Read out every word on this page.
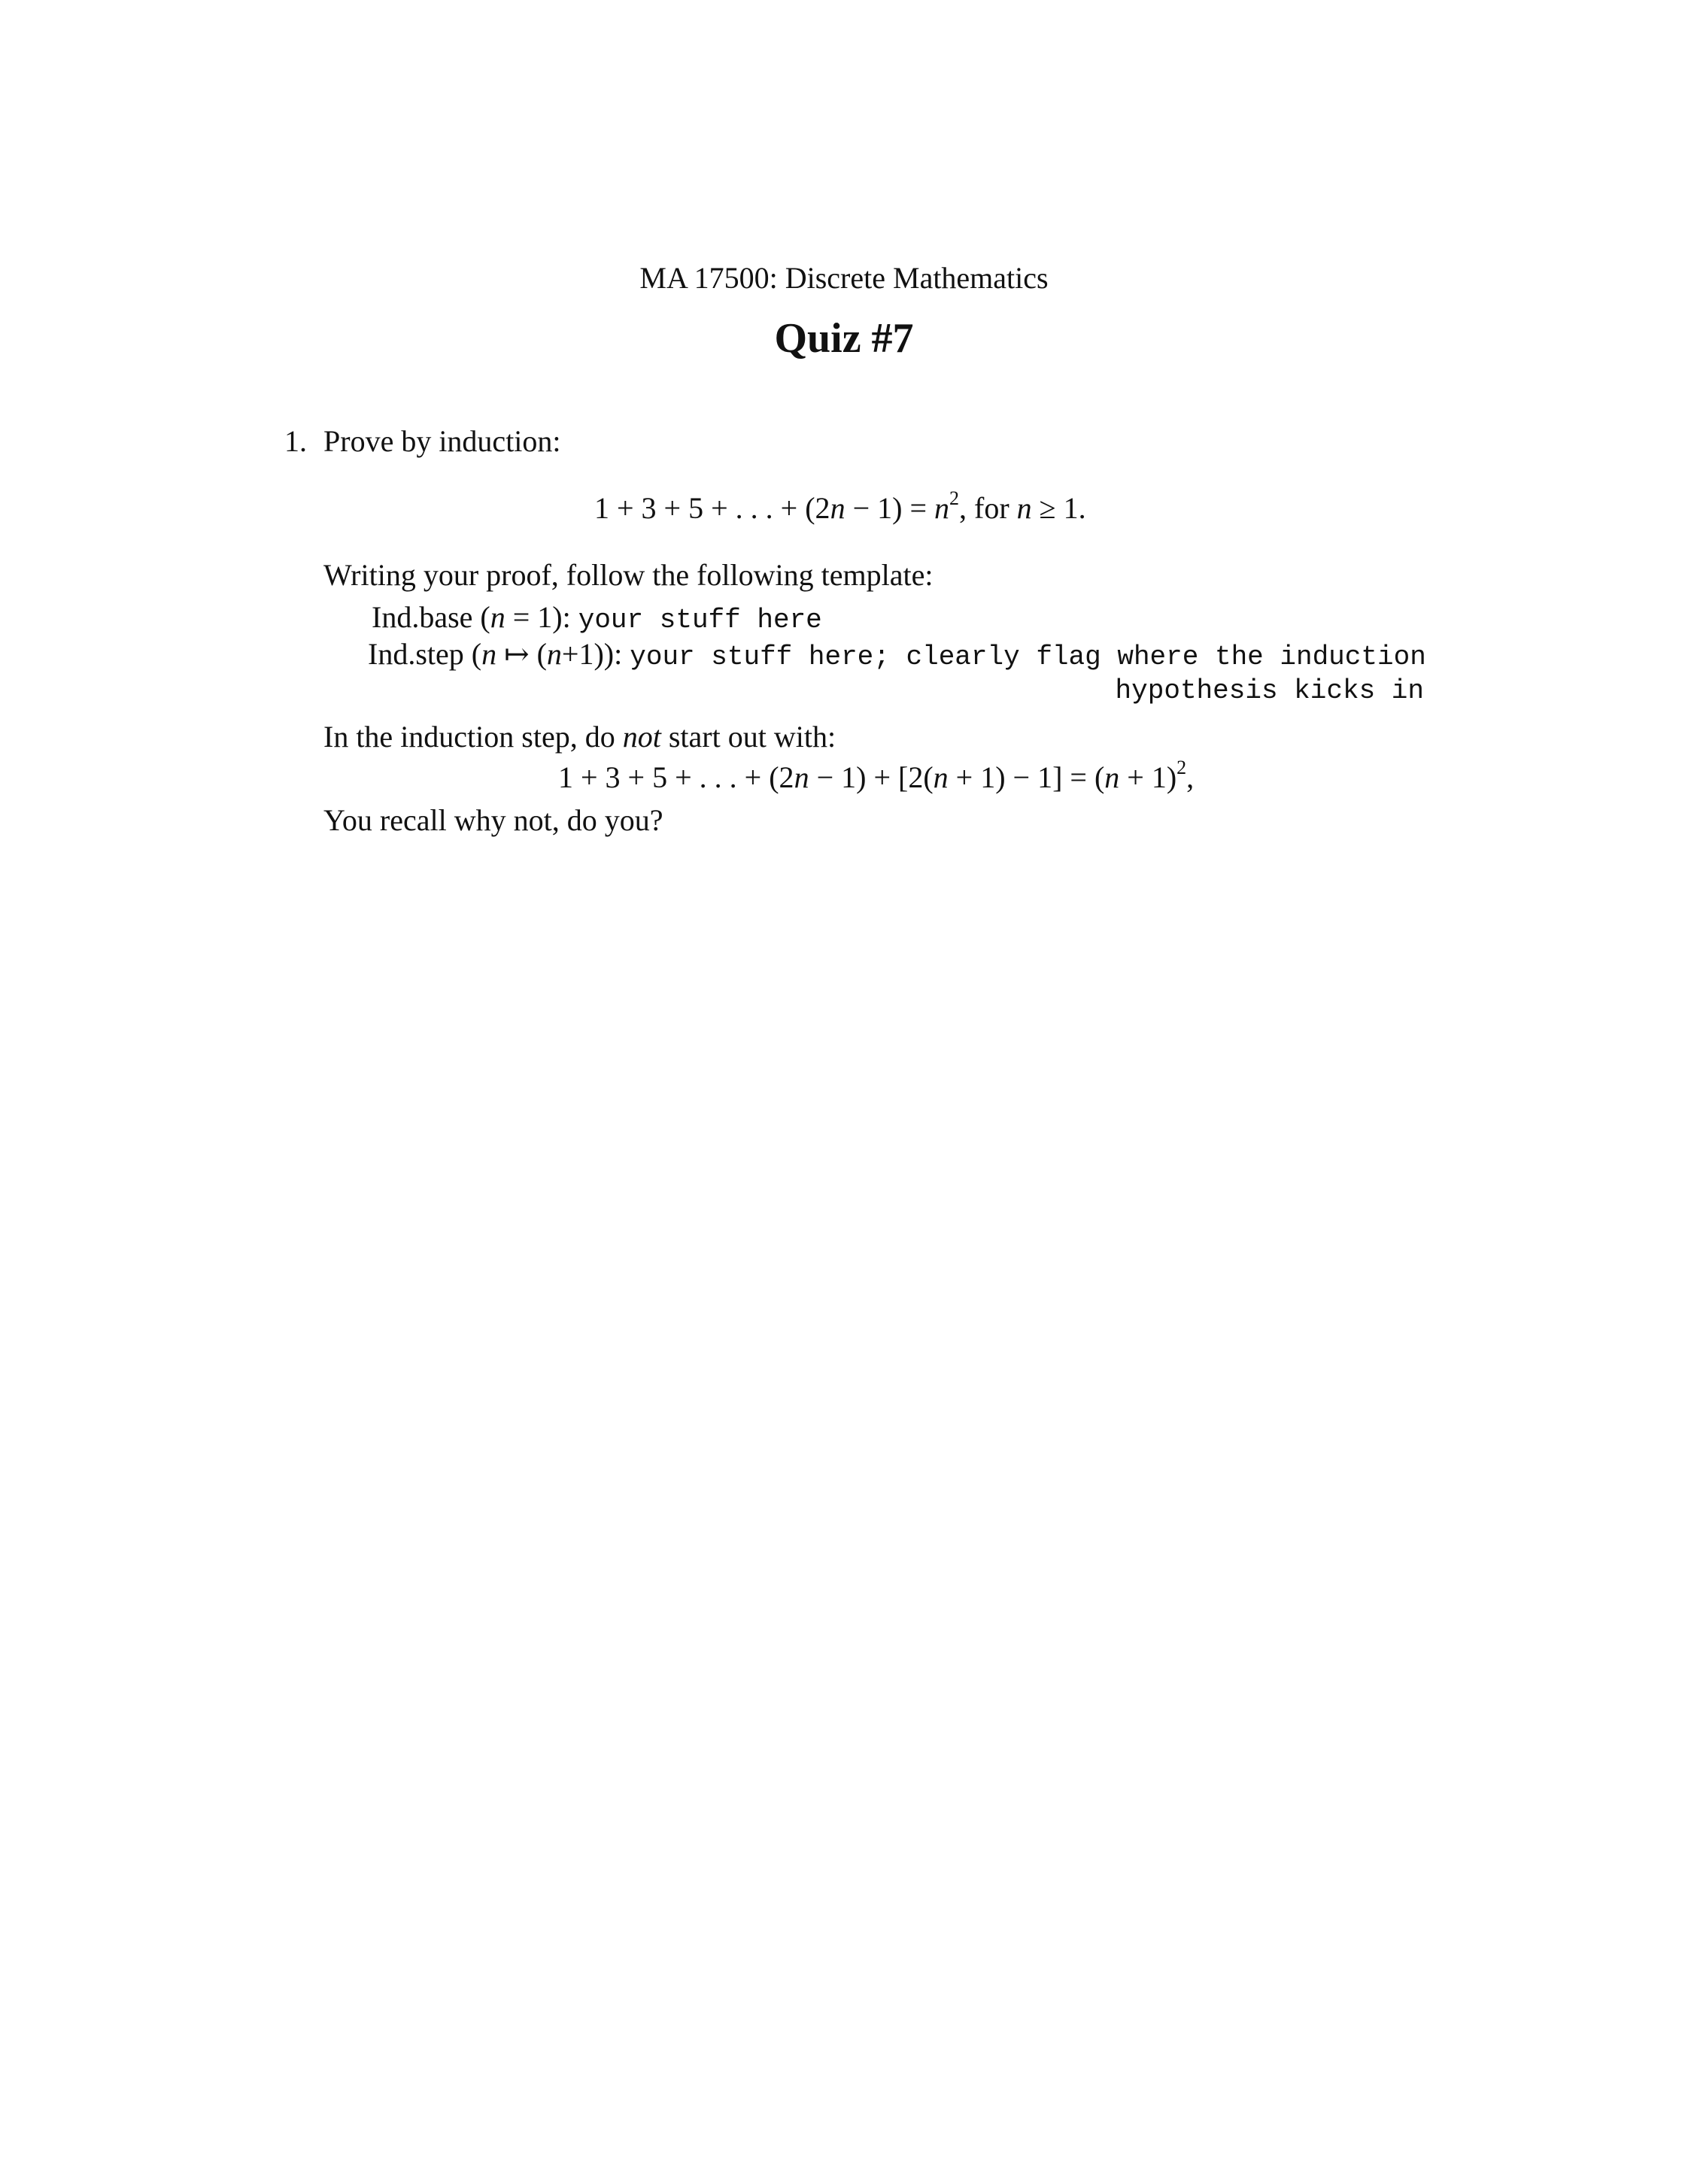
MA 17500: Discrete Mathematics
Quiz #7
1. Prove by induction:
1 + 3 + 5 + . . . + $(2n - 1) = n^2$, for n ≥ 1.
Writing your proof, follow the following template:
Ind.base (n = 1): your stuff here
Ind.step (n ↦ (n+1)): your stuff here; clearly flag where the induction
hypothesis kicks in
In the induction step, do not start out with:
1 + 3 + 5 + . . . + $(2n - 1) + [2(n + 1) - 1] = (n + 1)^2$,
You recall why not, do you?
